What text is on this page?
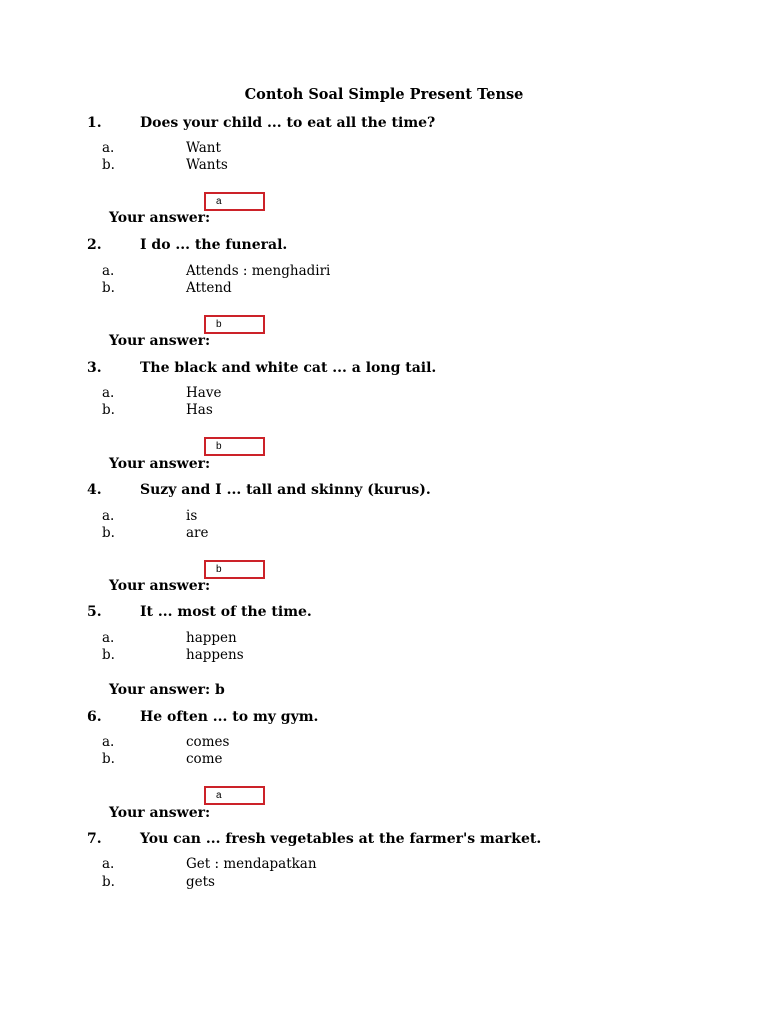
Contoh Soal Simple Present Tense
1.	Does your child ... to eat all the time?
a.	Want
b.	Wants
a
Your answer:
2.	I do ... the funeral.
a.	Attends : menghadiri
b.	Attend
b
Your answer:
3.	The black and white cat ... a long tail.
a.	Have
b.	Has
b
Your answer:
4.	Suzy and I ... tall and skinny (kurus).
a.	is
b.	are
b
Your answer:
5.	It ... most of the time.
a.	happen
b.	happens
Your answer: b
6.	He often ... to my gym.
a.	comes
b.	come
a
Your answer:
7.	You can ... fresh vegetables at the farmer's market.
a.	Get : mendapatkan
b.	gets
